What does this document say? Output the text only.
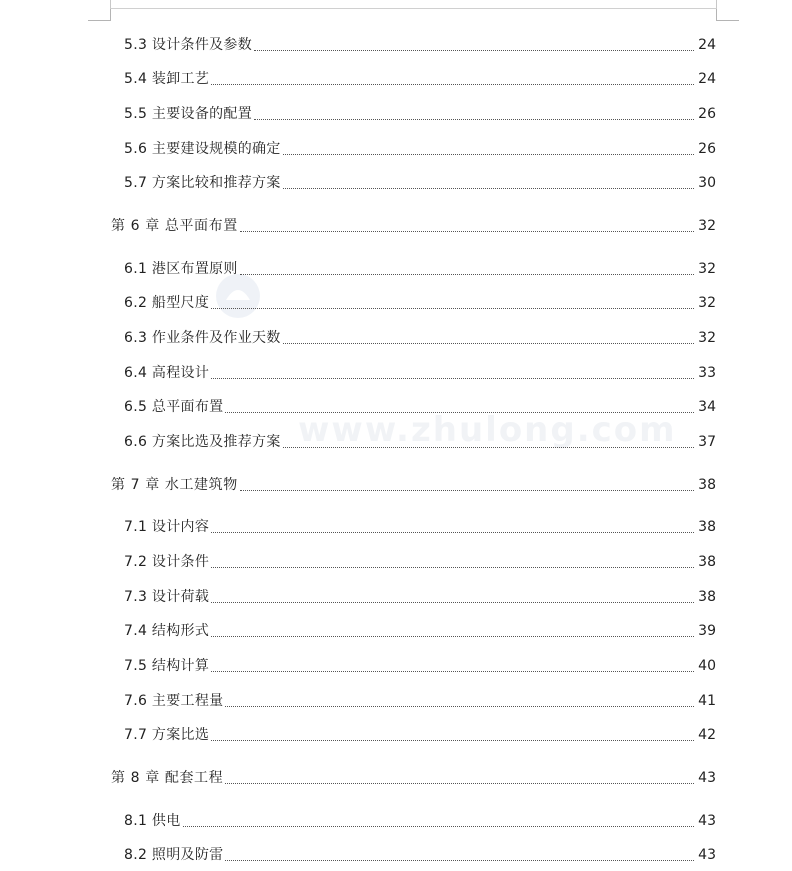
www.zhulong.com
5.3 设计条件及参数	24
5.4 装卸工艺	24
5.5 主要设备的配置	26
5.6 主要建设规模的确定	26
5.7 方案比较和推荐方案	30
第 6 章 总平面布置	32
6.1 港区布置原则	32
6.2 船型尺度	32
6.3 作业条件及作业天数	32
6.4 高程设计	33
6.5 总平面布置	34
6.6 方案比选及推荐方案	37
第 7 章 水工建筑物	38
7.1 设计内容	38
7.2 设计条件	38
7.3 设计荷载	38
7.4 结构形式	39
7.5 结构计算	40
7.6 主要工程量	41
7.7 方案比选	42
第 8 章 配套工程	43
8.1 供电	43
8.2 照明及防雷	43
